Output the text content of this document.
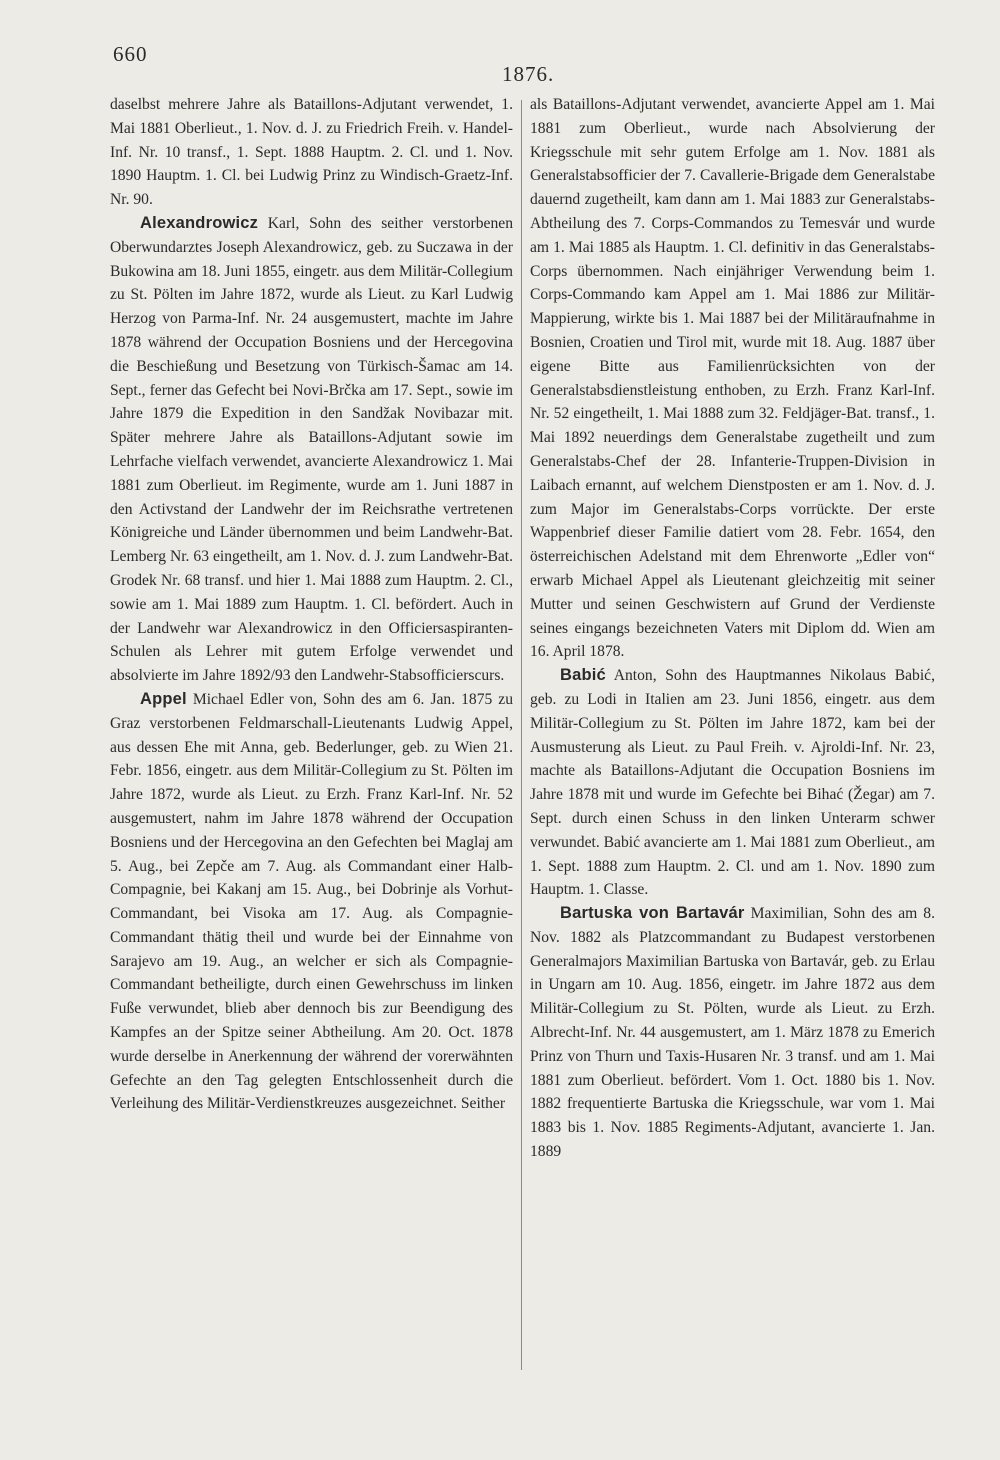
660
1876.

daselbst mehrere Jahre als Bataillons-Adjutant verwendet, 1. Mai 1881 Oberlieut., 1. Nov. d. J. zu Friedrich Freih. v. Handel-Inf. Nr. 10 transf., 1. Sept. 1888 Hauptm. 2. Cl. und 1. Nov. 1890 Hauptm. 1. Cl. bei Ludwig Prinz zu Windisch-Graetz-Inf. Nr. 90.

Alexandrowicz Karl, Sohn des seither verstorbenen Oberwundarztes Joseph Alexandrowicz, geb. zu Suczawa in der Bukowina am 18. Juni 1855, eingetr. aus dem Militär-Collegium zu St. Pölten im Jahre 1872, wurde als Lieut. zu Karl Ludwig Herzog von Parma-Inf. Nr. 24 ausgemustert, machte im Jahre 1878 während der Occupation Bosniens und der Hercegovina die Beschießung und Besetzung von Türkisch-Šamac am 14. Sept., ferner das Gefecht bei Novi-Brčka am 17. Sept., sowie im Jahre 1879 die Expedition in den Sandžak Novibazar mit. Später mehrere Jahre als Bataillons-Adjutant sowie im Lehrfache vielfach verwendet, avancierte Alexandrowicz 1. Mai 1881 zum Oberlieut. im Regimente, wurde am 1. Juni 1887 in den Activstand der Landwehr der im Reichsrathe vertretenen Königreiche und Länder übernommen und beim Landwehr-Bat. Lemberg Nr. 63 eingetheilt, am 1. Nov. d. J. zum Landwehr-Bat. Grodek Nr. 68 transf. und hier 1. Mai 1888 zum Hauptm. 2. Cl., sowie am 1. Mai 1889 zum Hauptm. 1. Cl. befördert. Auch in der Landwehr war Alexandrowicz in den Officiersaspiranten-Schulen als Lehrer mit gutem Erfolge verwendet und absolvierte im Jahre 1892/93 den Landwehr-Stabsofficierscurs.

Appel Michael Edler von, Sohn des am 6. Jan. 1875 zu Graz verstorbenen Feldmarschall-Lieutenants Ludwig Appel, aus dessen Ehe mit Anna, geb. Bederlunger, geb. zu Wien 21. Febr. 1856, eingetr. aus dem Militär-Collegium zu St. Pölten im Jahre 1872, wurde als Lieut. zu Erzh. Franz Karl-Inf. Nr. 52 ausgemustert, nahm im Jahre 1878 während der Occupation Bosniens und der Hercegovina an den Gefechten bei Maglaj am 5. Aug., bei Zepče am 7. Aug. als Commandant einer Halb-Compagnie, bei Kakanj am 15. Aug., bei Dobrinje als Vorhut-Commandant, bei Visoka am 17. Aug. als Compagnie-Commandant thätig theil und wurde bei der Einnahme von Sarajevo am 19. Aug., an welcher er sich als Compagnie-Commandant betheiligte, durch einen Gewehrschuss im linken Fuße verwundet, blieb aber dennoch bis zur Beendigung des Kampfes an der Spitze seiner Abtheilung. Am 20. Oct. 1878 wurde derselbe in Anerkennung der während der vorerwähnten Gefechte an den Tag gelegten Entschlossenheit durch die Verleihung des Militär-Verdienstkreuzes ausgezeichnet. Seither

als Bataillons-Adjutant verwendet, avancierte Appel am 1. Mai 1881 zum Oberlieut., wurde nach Absolvierung der Kriegsschule mit sehr gutem Erfolge am 1. Nov. 1881 als Generalstabsofficier der 7. Cavallerie-Brigade dem Generalstabe dauernd zugetheilt, kam dann am 1. Mai 1883 zur Generalstabs-Abtheilung des 7. Corps-Commandos zu Temesvár und wurde am 1. Mai 1885 als Hauptm. 1. Cl. definitiv in das Generalstabs-Corps übernommen. Nach einjähriger Verwendung beim 1. Corps-Commando kam Appel am 1. Mai 1886 zur Militär-Mappierung, wirkte bis 1. Mai 1887 bei der Militäraufnahme in Bosnien, Croatien und Tirol mit, wurde mit 18. Aug. 1887 über eigene Bitte aus Familienrücksichten von der Generalstabsdienstleistung enthoben, zu Erzh. Franz Karl-Inf. Nr. 52 eingetheilt, 1. Mai 1888 zum 32. Feldjäger-Bat. transf., 1. Mai 1892 neuerdings dem Generalstabe zugetheilt und zum Generalstabs-Chef der 28. Infanterie-Truppen-Division in Laibach ernannt, auf welchem Dienstposten er am 1. Nov. d. J. zum Major im Generalstabs-Corps vorrückte. Der erste Wappenbrief dieser Familie datiert vom 28. Febr. 1654, den österreichischen Adelstand mit dem Ehrenworte „Edler von“ erwarb Michael Appel als Lieutenant gleichzeitig mit seiner Mutter und seinen Geschwistern auf Grund der Verdienste seines eingangs bezeichneten Vaters mit Diplom dd. Wien am 16. April 1878.

Babić Anton, Sohn des Hauptmannes Nikolaus Babić, geb. zu Lodi in Italien am 23. Juni 1856, eingetr. aus dem Militär-Collegium zu St. Pölten im Jahre 1872, kam bei der Ausmusterung als Lieut. zu Paul Freih. v. Ajroldi-Inf. Nr. 23, machte als Bataillons-Adjutant die Occupation Bosniens im Jahre 1878 mit und wurde im Gefechte bei Bihać (Žegar) am 7. Sept. durch einen Schuss in den linken Unterarm schwer verwundet. Babić avancierte am 1. Mai 1881 zum Oberlieut., am 1. Sept. 1888 zum Hauptm. 2. Cl. und am 1. Nov. 1890 zum Hauptm. 1. Classe.

Bartuska von Bartavár Maximilian, Sohn des am 8. Nov. 1882 als Platzcommandant zu Budapest verstorbenen Generalmajors Maximilian Bartuska von Bartavár, geb. zu Erlau in Ungarn am 10. Aug. 1856, eingetr. im Jahre 1872 aus dem Militär-Collegium zu St. Pölten, wurde als Lieut. zu Erzh. Albrecht-Inf. Nr. 44 ausgemustert, am 1. März 1878 zu Emerich Prinz von Thurn und Taxis-Husaren Nr. 3 transf. und am 1. Mai 1881 zum Oberlieut. befördert. Vom 1. Oct. 1880 bis 1. Nov. 1882 frequentierte Bartuska die Kriegsschule, war vom 1. Mai 1883 bis 1. Nov. 1885 Regiments-Adjutant, avancierte 1. Jan. 1889
